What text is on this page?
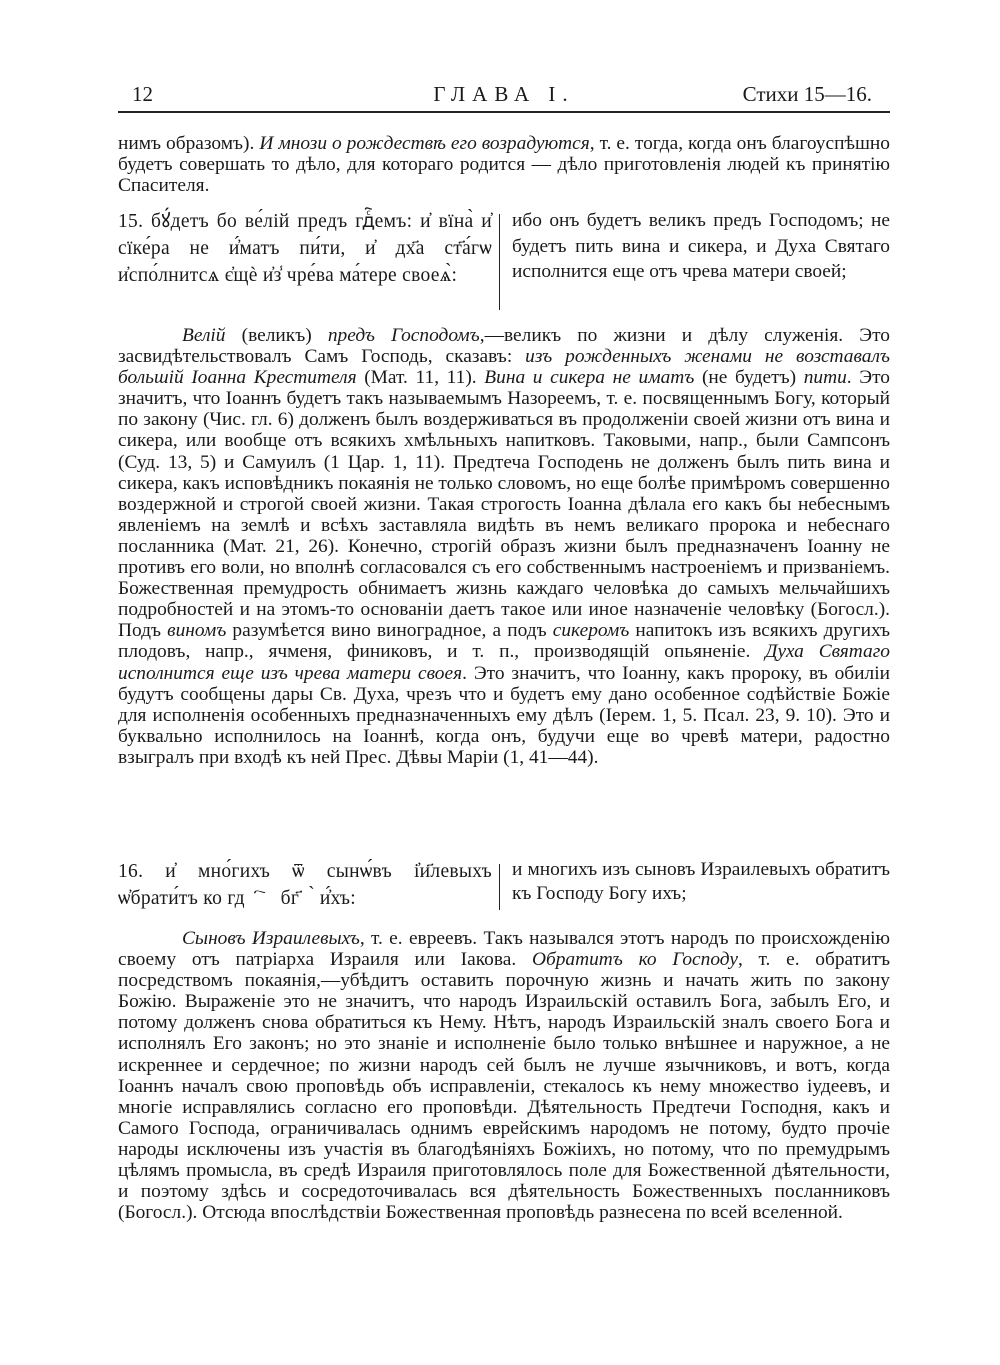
12	ГЛАВА I.	Стихи 15—16.

нимъ образомъ). И мнози о рождествѣ его возрадуются, т. е. тогда, когда онъ благоуспѣшно будетъ совершать то дѣло, для котораго родится — дѣло приготовленія людей къ принятію Спасителя.

15. бꙋ́детъ бо ве́лій предъ гдⷭ҇емъ: и҆ вїна̀ и҆ сїке́ра не и҆́матъ пи́ти, и҆ дх҃а ст҃а́гѡ и҆спо́лнитсѧ є҆щѐ и҆з̾ чре́ва ма́тере своеѧ̀:
ибо онъ будетъ великъ предъ Господомъ; не будетъ пить вина и сикера, и Духа Святаго исполнится еще отъ чрева матери своей;

Велій (великъ) предъ Господомъ,—великъ по жизни и дѣлу служенія. Это засвидѣтельствовалъ Самъ Господь, сказавъ: изъ рожденныхъ женами не возставалъ большій Іоанна Крестителя (Мат. 11, 11). Вина и сикера не иматъ (не будетъ) пити. Это значитъ, что Іоаннъ будетъ такъ называемымъ Назореемъ, т. е. посвященнымъ Богу, который по закону (Чис. гл. 6) долженъ былъ воздерживаться въ продолженіи своей жизни отъ вина и сикера, или вообще отъ всякихъ хмѣльныхъ напитковъ. Таковыми, напр., были Сампсонъ (Суд. 13, 5) и Самуилъ (1 Цар. 1, 11). Предтеча Господень не долженъ былъ пить вина и сикера, какъ исповѣдникъ покаянія не только словомъ, но еще болѣе примѣромъ совершенно воздержной и строгой своей жизни. Такая строгость Іоанна дѣлала его какъ бы небеснымъ явленіемъ на землѣ и всѣхъ заставляла видѣть въ немъ великаго пророка и небеснаго посланника (Мат. 21, 26). Конечно, строгій образъ жизни былъ предназначенъ Іоанну не противъ его воли, но вполнѣ согласовался съ его собственнымъ настроеніемъ и призваніемъ. Божественная премудрость обнимаетъ жизнь каждаго человѣка до самыхъ мельчайшихъ подробностей и на этомъ-то основаніи даетъ такое или иное назначеніе человѣку (Богосл.). Подъ виномъ разумѣется вино виноградное, а подъ сикеромъ напитокъ изъ всякихъ другихъ плодовъ, напр., ячменя, финиковъ, и т. п., производящій опьяненіе. Духа Святаго исполнится еще изъ чрева матери своея. Это значитъ, что Іоанну, какъ пророку, въ обиліи будутъ сообщены дары Св. Духа, чрезъ что и будетъ ему дано особенное содѣйствіе Божіе для исполненія особенныхъ предназначенныхъ ему дѣлъ (Iерем. 1, 5. Псал. 23, 9. 10). Это и буквально исполнилось на Іоаннѣ, когда онъ, будучи еще во чревѣ матери, радостно взыгралъ при входѣ къ ней Прес. Дѣвы Маріи (1, 41—44).

16. и҆ мно́гихъ ѿ сынѡ́въ і҆и҃левыхъ ѡ҆брати́тъ ко гдⷭ҇ꙋ бг҃ꙋ̀ и҆́хъ:
и многихъ изъ сыновъ Израилевыхъ обратитъ къ Господу Богу ихъ;

Сыновъ Израилевыхъ, т. е. евреевъ. Такъ назывался этотъ народъ по происхожденію своему отъ патріарха Израиля или Іакова. Обратитъ ко Господу, т. е. обратитъ посредствомъ покаянія,—убѣдитъ оставить порочную жизнь и начать жить по закону Божію. Выраженіе это не значитъ, что народъ Израильскій оставилъ Бога, забылъ Его, и потому долженъ снова обратиться къ Нему. Нѣтъ, народъ Израильскій зналъ своего Бога и исполнялъ Его законъ; но это знаніе и исполненіе было только внѣшнее и наружное, а не искреннее и сердечное; по жизни народъ сей былъ не лучше язычниковъ, и вотъ, когда Іоаннъ началъ свою проповѣдь объ исправленіи, стекалось къ нему множество іудеевъ, и многіе исправлялись согласно его проповѣди. Дѣятельность Предтечи Господня, какъ и Самого Господа, ограничивалась однимъ еврейскимъ народомъ не потому, будто прочіе народы исключены изъ участія въ благодѣяніяхъ Божіихъ, но потому, что по премудрымъ цѣлямъ промысла, въ средѣ Израиля приготовлялось поле для Божественной дѣятельности, и поэтому здѣсь и сосредоточивалась вся дѣятельность Божественныхъ посланниковъ (Богосл.). Отсюда впослѣдствіи Божественная проповѣдь разнесена по всей вселенной.
